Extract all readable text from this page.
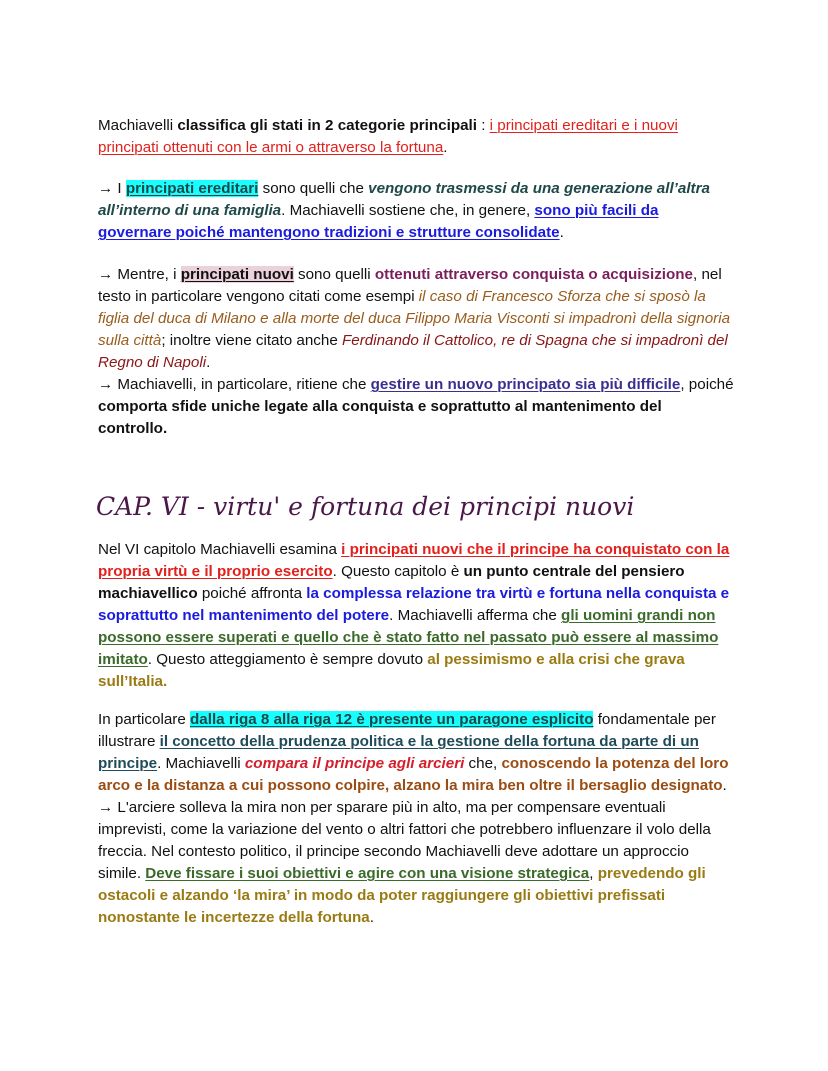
Machiavelli classifica gli stati in 2 categorie principali : i principati ereditari e i nuovi principati ottenuti con le armi o attraverso la fortuna.
→ I principati ereditari sono quelli che vengono trasmessi da una generazione all’altra all’interno di una famiglia. Machiavelli sostiene che, in genere, sono più facili da governare poiché mantengono tradizioni e strutture consolidate.
→ Mentre, i principati nuovi sono quelli ottenuti attraverso conquista o acquisizione, nel testo in particolare vengono citati come esempi il caso di Francesco Sforza che si sposò la figlia del duca di Milano e alla morte del duca Filippo Maria Visconti si impadronì della signoria sulla città; inoltre viene citato anche Ferdinando il Cattolico, re di Spagna che si impadronì del Regno di Napoli.
→ Machiavelli, in particolare, ritiene che gestire un nuovo principato sia più difficile, poiché comporta sfide uniche legate alla conquista e soprattutto al mantenimento del controllo.
CAP. VI - virtu' e fortuna dei principi nuovi
Nel VI capitolo Machiavelli esamina i principati nuovi che il principe ha conquistato con la propria virtù e il proprio esercito. Questo capitolo è un punto centrale del pensiero machiavellico poiché affronta la complessa relazione tra virtù e fortuna nella conquista e soprattutto nel mantenimento del potere. Machiavelli afferma che gli uomini grandi non possono essere superati e quello che è stato fatto nel passato può essere al massimo imitato. Questo atteggiamento è sempre dovuto al pessimismo e alla crisi che grava sull’Italia.
In particolare dalla riga 8 alla riga 12 è presente un paragone esplicito fondamentale per illustrare il concetto della prudenza politica e la gestione della fortuna da parte di un principe. Machiavelli compara il principe agli arcieri che, conoscendo la potenza del loro arco e la distanza a cui possono colpire, alzano la mira ben oltre il bersaglio designato.
→ L'arciere solleva la mira non per sparare più in alto, ma per compensare eventuali imprevisti, come la variazione del vento o altri fattori che potrebbero influenzare il volo della freccia. Nel contesto politico, il principe secondo Machiavelli deve adottare un approccio simile. Deve fissare i suoi obiettivi e agire con una visione strategica, prevedendo gli ostacoli e alzando ‘la mira’ in modo da poter raggiungere gli obiettivi prefissati nonostante le incertezze della fortuna.
